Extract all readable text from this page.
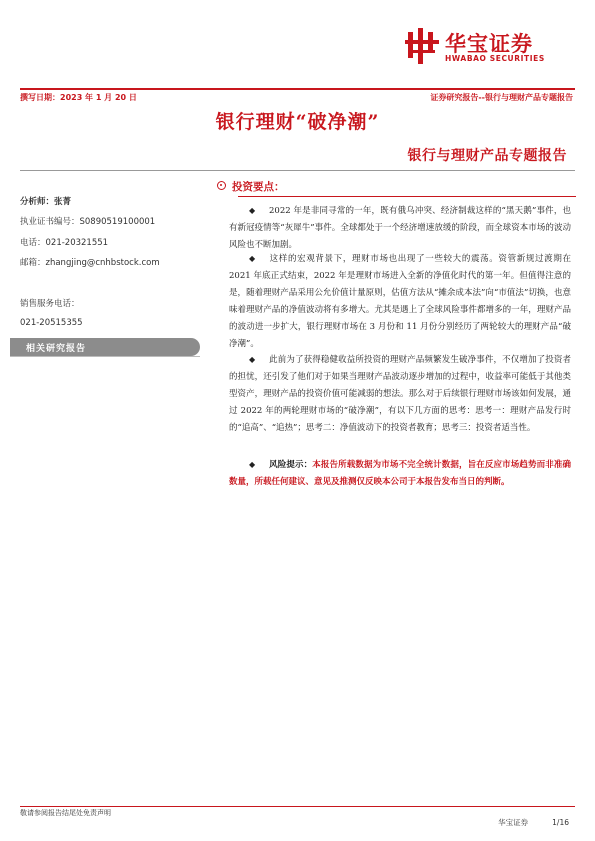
华宝证券
HWABAO SECURITIES
撰写日期：2023 年 1 月 20 日	证券研究报告--银行与理财产品专题报告
银行理财“破净潮”
银行与理财产品专题报告
分析师：张菁
执业证书编号：S0890519100001
电话：021-20321551
邮箱：zhangjing@cnhbstock.com
销售服务电话：
021-20515355
相关研究报告
投资要点：
◆ 2022 年是非同寻常的一年，既有俄乌冲突、经济制裁这样的“黑天鹅”事件，也有新冠疫情等“灰犀牛”事件。全球都处于一个经济增速放缓的阶段，而全球资本市场的波动风险也不断加剧。
◆ 这样的宏观背景下，理财市场也出现了一些较大的震荡。资管新规过渡期在 2021 年底正式结束，2022 年是理财市场进入全新的净值化时代的第一年。但值得注意的是，随着理财产品采用公允价值计量原则，估值方法从“摊余成本法”向“市值法”切换，也意味着理财产品的净值波动将有多增大。尤其是遇上了全球风险事件都增多的一年，理财产品的波动进一步扩大，银行理财市场在 3 月份和 11 月份分别经历了两轮较大的理财产品“破净潮”。
◆ 此前为了获得稳健收益所投资的理财产品频繁发生破净事件，不仅增加了投资者的担忧，还引发了他们对于如果当理财产品波动逐步增加的过程中，收益率可能低于其他类型资产，理财产品的投资价值可能减弱的想法。那么对于后续银行理财市场该如何发展，通过 2022 年的两轮理财市场的“破净潮”，有以下几方面的思考：思考一：理财产品发行时的“追高”、“追热”；思考二：净值波动下的投资者教育；思考三：投资者适当性。
◆ 风险提示：本报告所载数据为市场不完全统计数据，旨在反应市场趋势而非准确数量，所载任何建议、意见及推测仅反映本公司于本报告发布当日的判断。
敬请参阅报告结尾处免责声明
华宝证券	1/16
